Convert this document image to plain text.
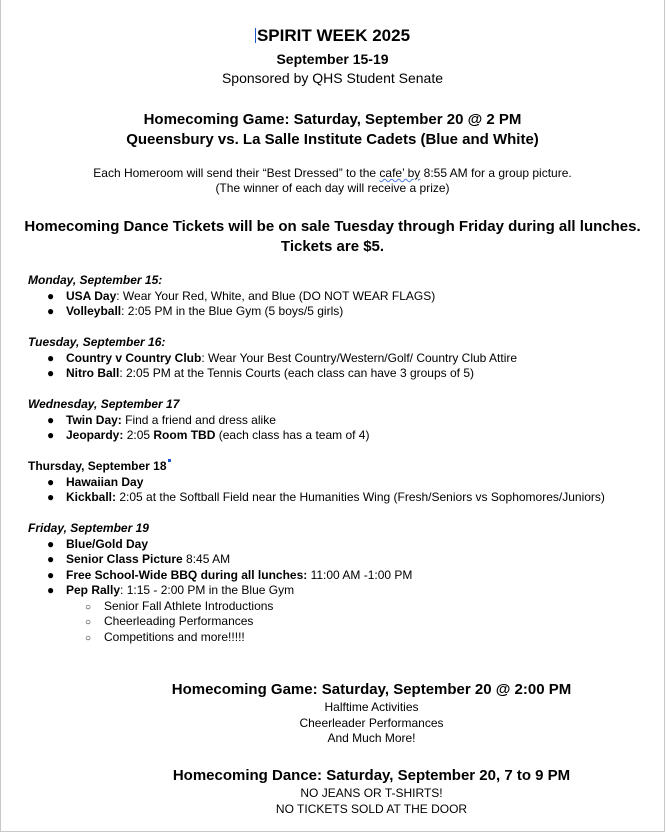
SPIRIT WEEK 2025
September 15-19
Sponsored by QHS Student Senate
Homecoming Game: Saturday, September 20 @ 2 PM
Queensbury vs. La Salle Institute Cadets (Blue and White)
Each Homeroom will send their “Best Dressed” to the cafe’ by 8:55 AM for a group picture.
(The winner of each day will receive a prize)
Homecoming Dance Tickets will be on sale Tuesday through Friday during all lunches.
Tickets are $5.
Monday, September 15:
● USA Day: Wear Your Red, White, and Blue (DO NOT WEAR FLAGS)
● Volleyball: 2:05 PM in the Blue Gym (5 boys/5 girls)
Tuesday, September 16:
● Country v Country Club: Wear Your Best Country/Western/Golf/ Country Club Attire
● Nitro Ball: 2:05 PM at the Tennis Courts (each class can have 3 groups of 5)
Wednesday, September 17
● Twin Day: Find a friend and dress alike
● Jeopardy: 2:05 Room TBD (each class has a team of 4)
Thursday, September 18
● Hawaiian Day
● Kickball: 2:05 at the Softball Field near the Humanities Wing (Fresh/Seniors vs Sophomores/Juniors)
Friday, September 19
● Blue/Gold Day
● Senior Class Picture 8:45 AM
● Free School-Wide BBQ during all lunches: 11:00 AM -1:00 PM
● Pep Rally: 1:15 - 2:00 PM in the Blue Gym
○ Senior Fall Athlete Introductions
○ Cheerleading Performances
○ Competitions and more!!!!!
Homecoming Game: Saturday, September 20 @ 2:00 PM
Halftime Activities
Cheerleader Performances
And Much More!
Homecoming Dance: Saturday, September 20, 7 to 9 PM
NO JEANS OR T-SHIRTS!
NO TICKETS SOLD AT THE DOOR
